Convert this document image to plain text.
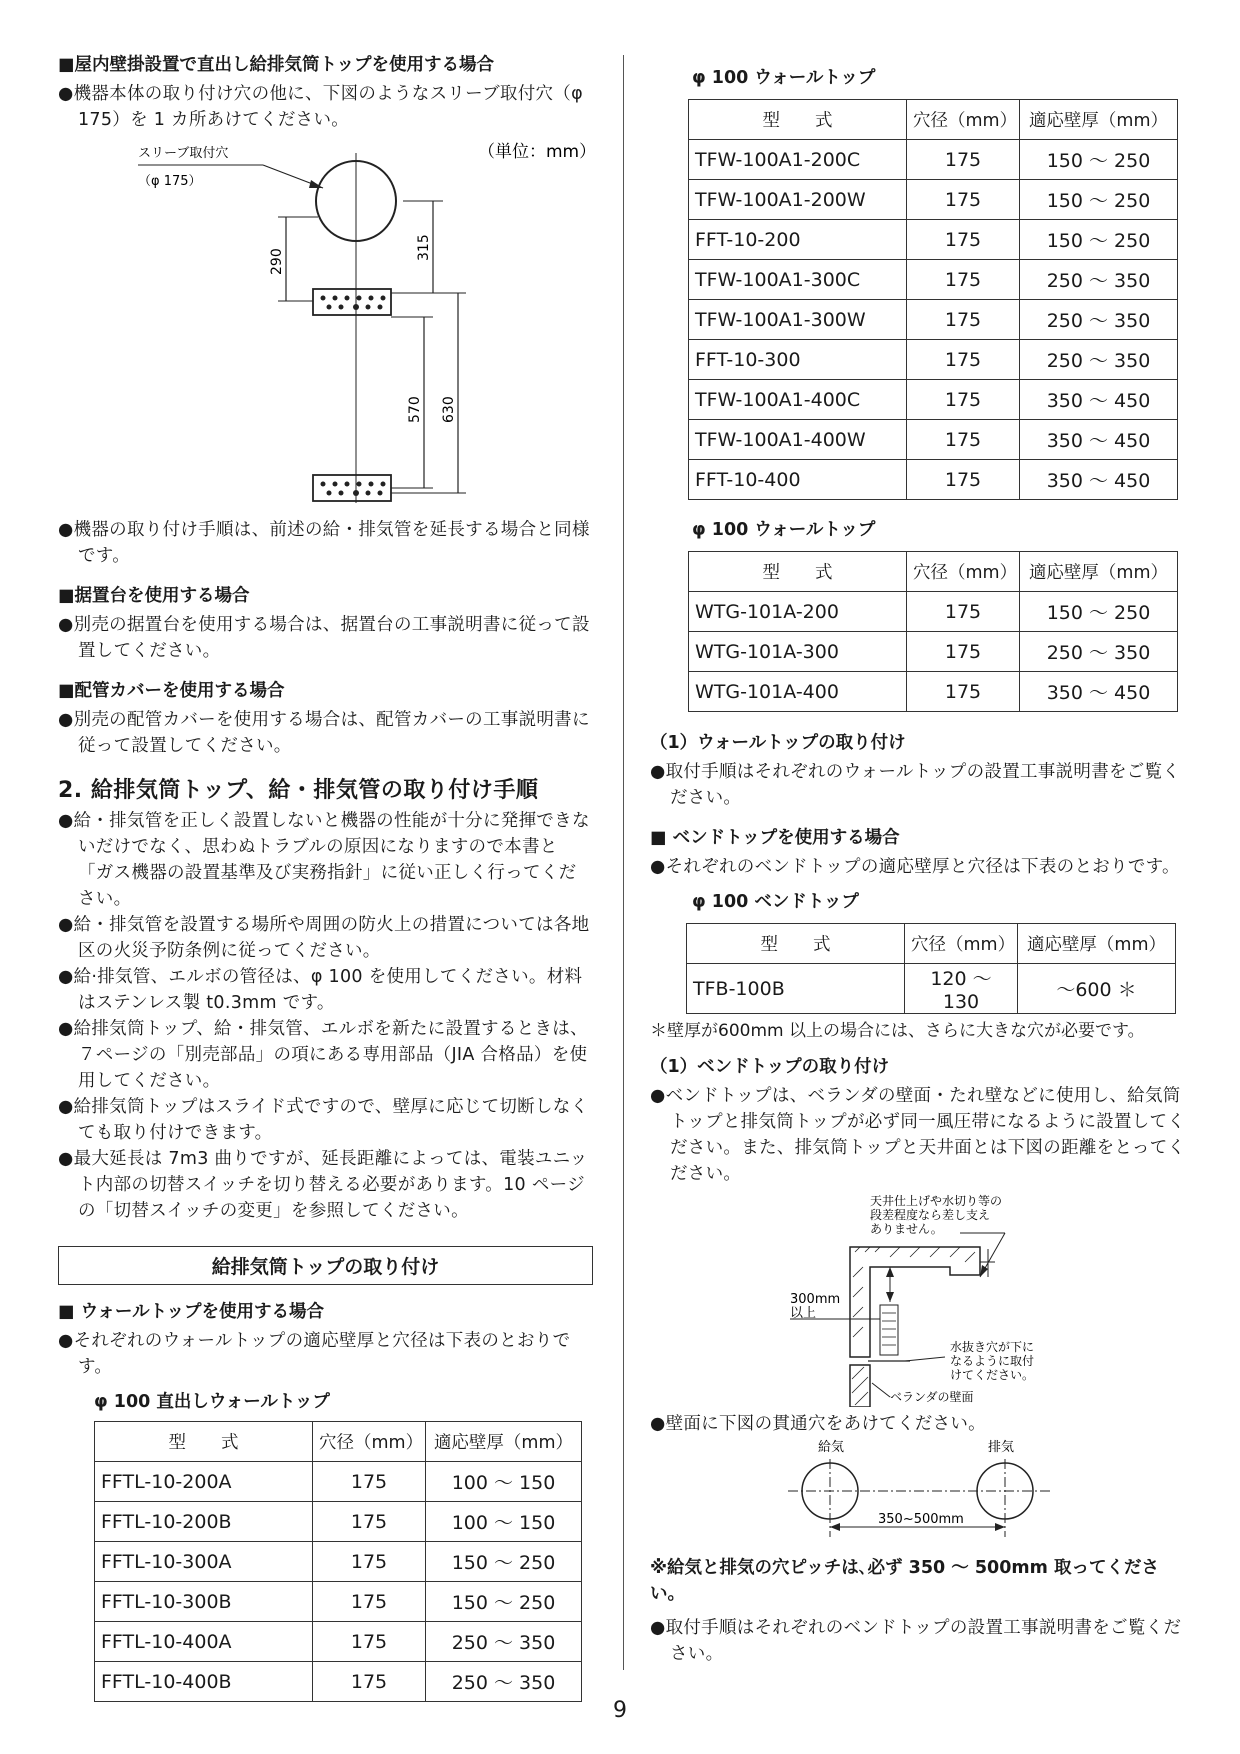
■屋内壁掛設置で直出し給排気筒トップを使用する場合

●機器本体の取り付け穴の他に、下図のようなスリーブ取付穴（φ 175）を 1 カ所あけてください。

（単位：mm）
スリーブ取付穴
（φ 175）
290
315
570 630

●機器の取り付け手順は、前述の給・排気管を延長する場合と同様です。

■据置台を使用する場合

●別売の据置台を使用する場合は、据置台の工事説明書に従って設置してください。

■配管カバーを使用する場合

●別売の配管カバーを使用する場合は、配管カバーの工事説明書に従って設置してください。

2. 給排気筒トップ、給・排気管の取り付け手順

●給・排気管を正しく設置しないと機器の性能が十分に発揮できないだけでなく、思わぬトラブルの原因になりますので本書と「ガス機器の設置基準及び実務指針」に従い正しく行ってください。

●給・排気管を設置する場所や周囲の防火上の措置については各地区の火災予防条例に従ってください。

●給·排気管、エルボの管径は、φ 100 を使用してください。材料はステンレス製 t0.3mm です。

●給排気筒トップ、給・排気管、エルボを新たに設置するときは、７ページの「別売部品」の項にある専用部品（JIA 合格品）を使用してください。

●給排気筒トップはスライド式ですので、壁厚に応じて切断しなくても取り付けできます。

●最大延長は 7m3 曲りですが、延長距離によっては、電装ユニット内部の切替スイッチを切り替える必要があります。10 ページの「切替スイッチの変更」を参照してください。

給排気筒トップの取り付け
■ ウォールトップを使用する場合

●それぞれのウォールトップの適応壁厚と穴径は下表のとおりです。

φ 100 直出しウォールトップ
型　　式	穴径（mm）	適応壁厚（mm）
FFTL-10-200A	175	100 ～ 150
FFTL-10-200B	175	100 ～ 150
FFTL-10-300A	175	150 ～ 250
FFTL-10-300B	175	150 ～ 250
FFTL-10-400A	175	250 ～ 350
FFTL-10-400B	175	250 ～ 350
φ 100 ウォールトップ
型　　式	穴径（mm）	適応壁厚（mm）
TFW-100A1-200C	175	150 ～ 250
TFW-100A1-200W	175	150 ～ 250
FFT-10-200	175	150 ～ 250
TFW-100A1-300C	175	250 ～ 350
TFW-100A1-300W	175	250 ～ 350
FFT-10-300	175	250 ～ 350
TFW-100A1-400C	175	350 ～ 450
TFW-100A1-400W	175	350 ～ 450
FFT-10-400	175	350 ～ 450
φ 100 ウォールトップ
型　　式	穴径（mm）	適応壁厚（mm）
WTG-101A-200	175	150 ～ 250
WTG-101A-300	175	250 ～ 350
WTG-101A-400	175	350 ～ 450
（1）ウォールトップの取り付け

●取付手順はそれぞれのウォールトップの設置工事説明書をご覧ください。

■ ベンドトップを使用する場合

●それぞれのベンドトップの適応壁厚と穴径は下表のとおりです。

φ 100 ベンドトップ
型　　式	穴径（mm）	適応壁厚（mm）
TFB-100B	120 ～ 130	～600 ＊

＊壁厚が600mm 以上の場合には、さらに大きな穴が必要です。

（1）ベンドトップの取り付け

●ベンドトップは、ベランダの壁面・たれ壁などに使用し、給気筒トップと排気筒トップが必ず同一風圧帯になるように設置してください。また、排気筒トップと天井面とは下図の距離をとってください。

天井仕上げや水切り等の
段差程度なら差し支え
ありません。
300mm
以上
水抜き穴が下に
なるように取付
けてください。
ベランダの壁面

●壁面に下図の貫通穴をあけてください。

給気	排気
350~500mm

※給気と排気の穴ピッチは､必ず 350 ～ 500mm 取ってください。

●取付手順はそれぞれのベンドトップの設置工事説明書をご覧ください。

9
